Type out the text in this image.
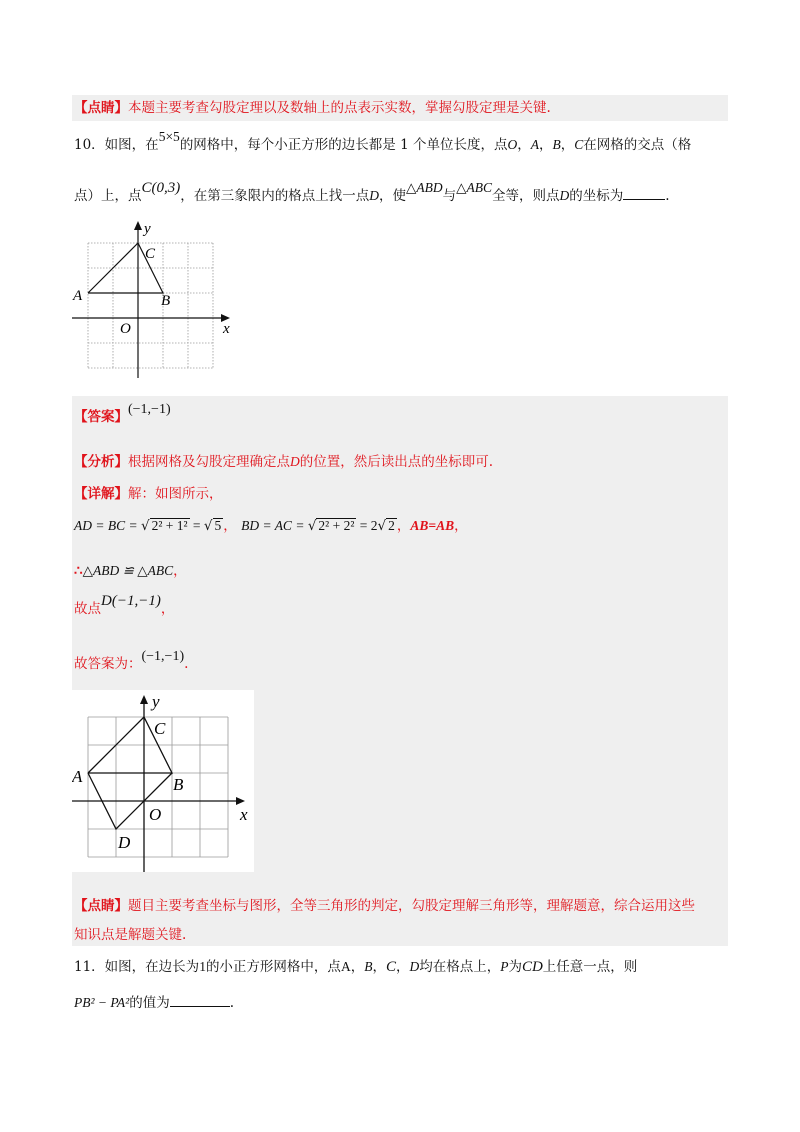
【点睛】本题主要考查勾股定理以及数轴上的点表示实数，掌握勾股定理是关键.
10．如图，在5×5的网格中，每个小正方形的边长都是 1 个单位长度，点O，A，B，C在网格的交点（格
点）上，点C(0,3)，在第三象限内的格点上找一点D，使△ABD与△ABC全等，则点D的坐标为	.
y
C
A	B
O	x
【答案】(−1,−1)
【分析】根据网格及勾股定理确定点D的位置，然后读出点的坐标即可.
【详解】解：如图所示，
AD = BC = √ 2² + 1² = √ 5 ， BD = AC = √ 2² + 2² = 2√ 2 ，AB=AB，
∴△ABD ≌ △ABC，
故点D(−1,−1)，
故答案为：(−1,−1).
y
C
A	B
O	x
D
【点睛】题目主要考查坐标与图形，全等三角形的判定，勾股定理解三角形等，理解题意，综合运用这些
知识点是解题关键.
11．如图，在边长为1的小正方形网格中，点A，B，C，D均在格点上，P为CD上任意一点，则
PB² − PA²的值为	.
